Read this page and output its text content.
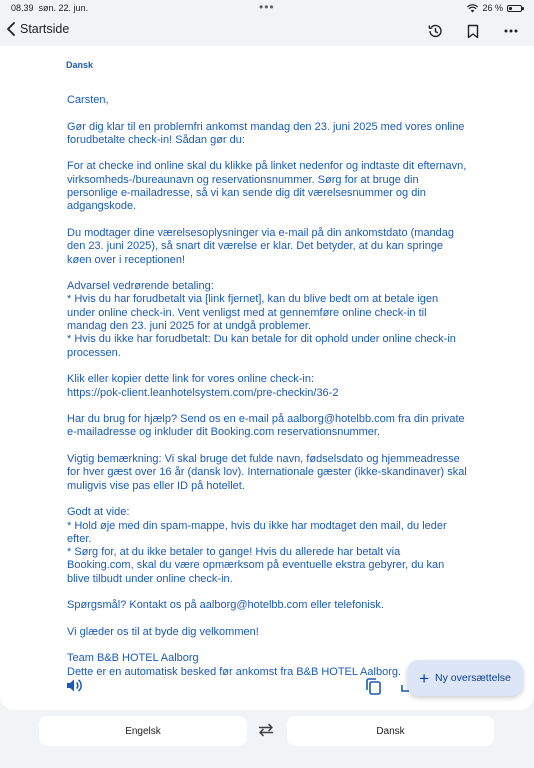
08.39 søn. 22. jun.	•••	26 %
Startside
Dansk

Carsten,

Gør dig klar til en problemfri ankomst mandag den 23. juni 2025 med vores online forudbetalte check-in! Sådan gør du:

For at checke ind online skal du klikke på linket nedenfor og indtaste dit efternavn, virksomheds-/bureaunavn og reservationsnummer. Sørg for at bruge din personlige e-mailadresse, så vi kan sende dig dit værelsesnummer og din adgangskode.

Du modtager dine værelsesoplysninger via e-mail på din ankomstdato (mandag den 23. juni 2025), så snart dit værelse er klar. Det betyder, at du kan springe køen over i receptionen!

Advarsel vedrørende betaling:
* Hvis du har forudbetalt via [link fjernet], kan du blive bedt om at betale igen under online check-in. Vent venligst med at gennemføre online check-in til mandag den 23. juni 2025 for at undgå problemer.
* Hvis du ikke har forudbetalt: Du kan betale for dit ophold under online check-in processen.

Klik eller kopier dette link for vores online check-in:
https://pok-client.leanhotelsystem.com/pre-checkin/36-2

Har du brug for hjælp? Send os en e-mail på aalborg@hotelbb.com fra din private e-mailadresse og inkluder dit Booking.com reservationsnummer.

Vigtig bemærkning: Vi skal bruge det fulde navn, fødselsdato og hjemmeadresse for hver gæst over 16 år (dansk lov). Internationale gæster (ikke-skandinaver) skal muligvis vise pas eller ID på hotellet.

Godt at vide:
* Hold øje med din spam-mappe, hvis du ikke har modtaget den mail, du leder efter.
* Sørg for, at du ikke betaler to gange! Hvis du allerede har betalt via Booking.com, skal du være opmærksom på eventuelle ekstra gebyrer, du kan blive tilbudt under online check-in.

Spørgsmål? Kontakt os på aalborg@hotelbb.com eller telefonisk.

Vi glæder os til at byde dig velkommen!

Team B&B HOTEL Aalborg
Dette er en automatisk besked før ankomst fra B&B HOTEL Aalborg.	+ Ny oversættelse
Engelsk	Dansk
